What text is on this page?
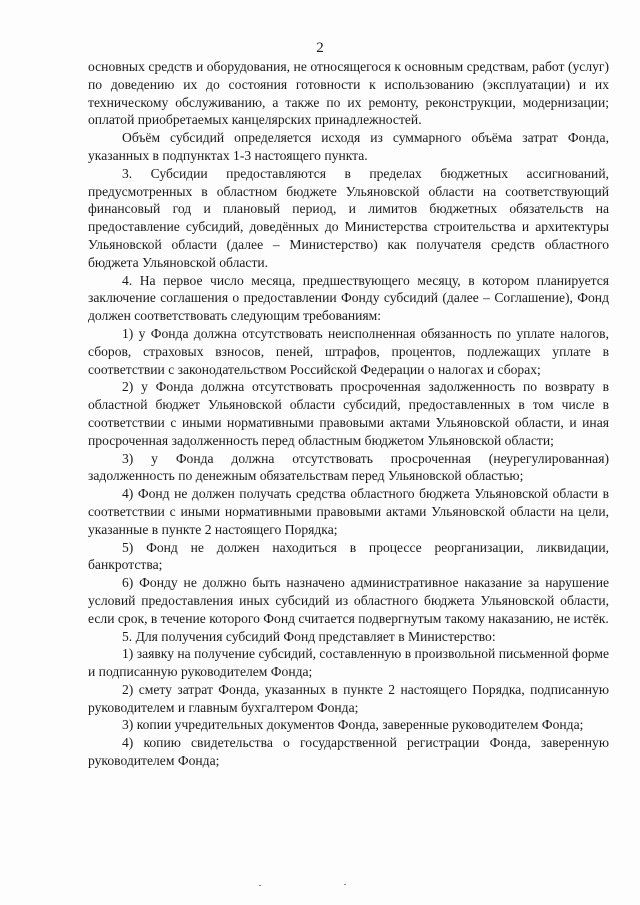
2

основных средств и оборудования, не относящегося к основным средствам, работ (услуг) по доведению их до состояния готовности к использованию (эксплуатации) и их техническому обслуживанию, а также по их ремонту, реконструкции, модернизации; оплатой приобретаемых канцелярских принадлежностей.

Объём субсидий определяется исходя из суммарного объёма затрат Фонда, указанных в подпунктах 1-3 настоящего пункта.

3. Субсидии предоставляются в пределах бюджетных ассигнований, предусмотренных в областном бюджете Ульяновской области на соответствующий финансовый год и плановый период, и лимитов бюджетных обязательств на предоставление субсидий, доведённых до Министерства строительства и архитектуры Ульяновской области (далее – Министерство) как получателя средств областного бюджета Ульяновской области.

4. На первое число месяца, предшествующего месяцу, в котором планируется заключение соглашения о предоставлении Фонду субсидий (далее – Соглашение), Фонд должен соответствовать следующим требованиям:

1) у Фонда должна отсутствовать неисполненная обязанность по уплате налогов, сборов, страховых взносов, пеней, штрафов, процентов, подлежащих уплате в соответствии с законодательством Российской Федерации о налогах и сборах;

2) у Фонда должна отсутствовать просроченная задолженность по возврату в областной бюджет Ульяновской области субсидий, предоставленных в том числе в соответствии с иными нормативными правовыми актами Ульяновской области, и иная просроченная задолженность перед областным бюджетом Ульяновской области;

3) у Фонда должна отсутствовать просроченная (неурегулированная) задолженность по денежным обязательствам перед Ульяновской областью;

4) Фонд не должен получать средства областного бюджета Ульяновской области в соответствии с иными нормативными правовыми актами Ульяновской области на цели, указанные в пункте 2 настоящего Порядка;

5) Фонд не должен находиться в процессе реорганизации, ликвидации, банкротства;

6) Фонду не должно быть назначено административное наказание за нарушение условий предоставления иных субсидий из областного бюджета Ульяновской области, если срок, в течение которого Фонд считается подвергнутым такому наказанию, не истёк.

5. Для получения субсидий Фонд представляет в Министерство:

1) заявку на получение субсидий, составленную в произвольной письменной форме и подписанную руководителем Фонда;

2) смету затрат Фонда, указанных в пункте 2 настоящего Порядка, подписанную руководителем и главным бухгалтером Фонда;

3) копии учредительных документов Фонда, заверенные руководителем Фонда;

4) копию свидетельства о государственной регистрации Фонда, заверенную руководителем Фонда;
